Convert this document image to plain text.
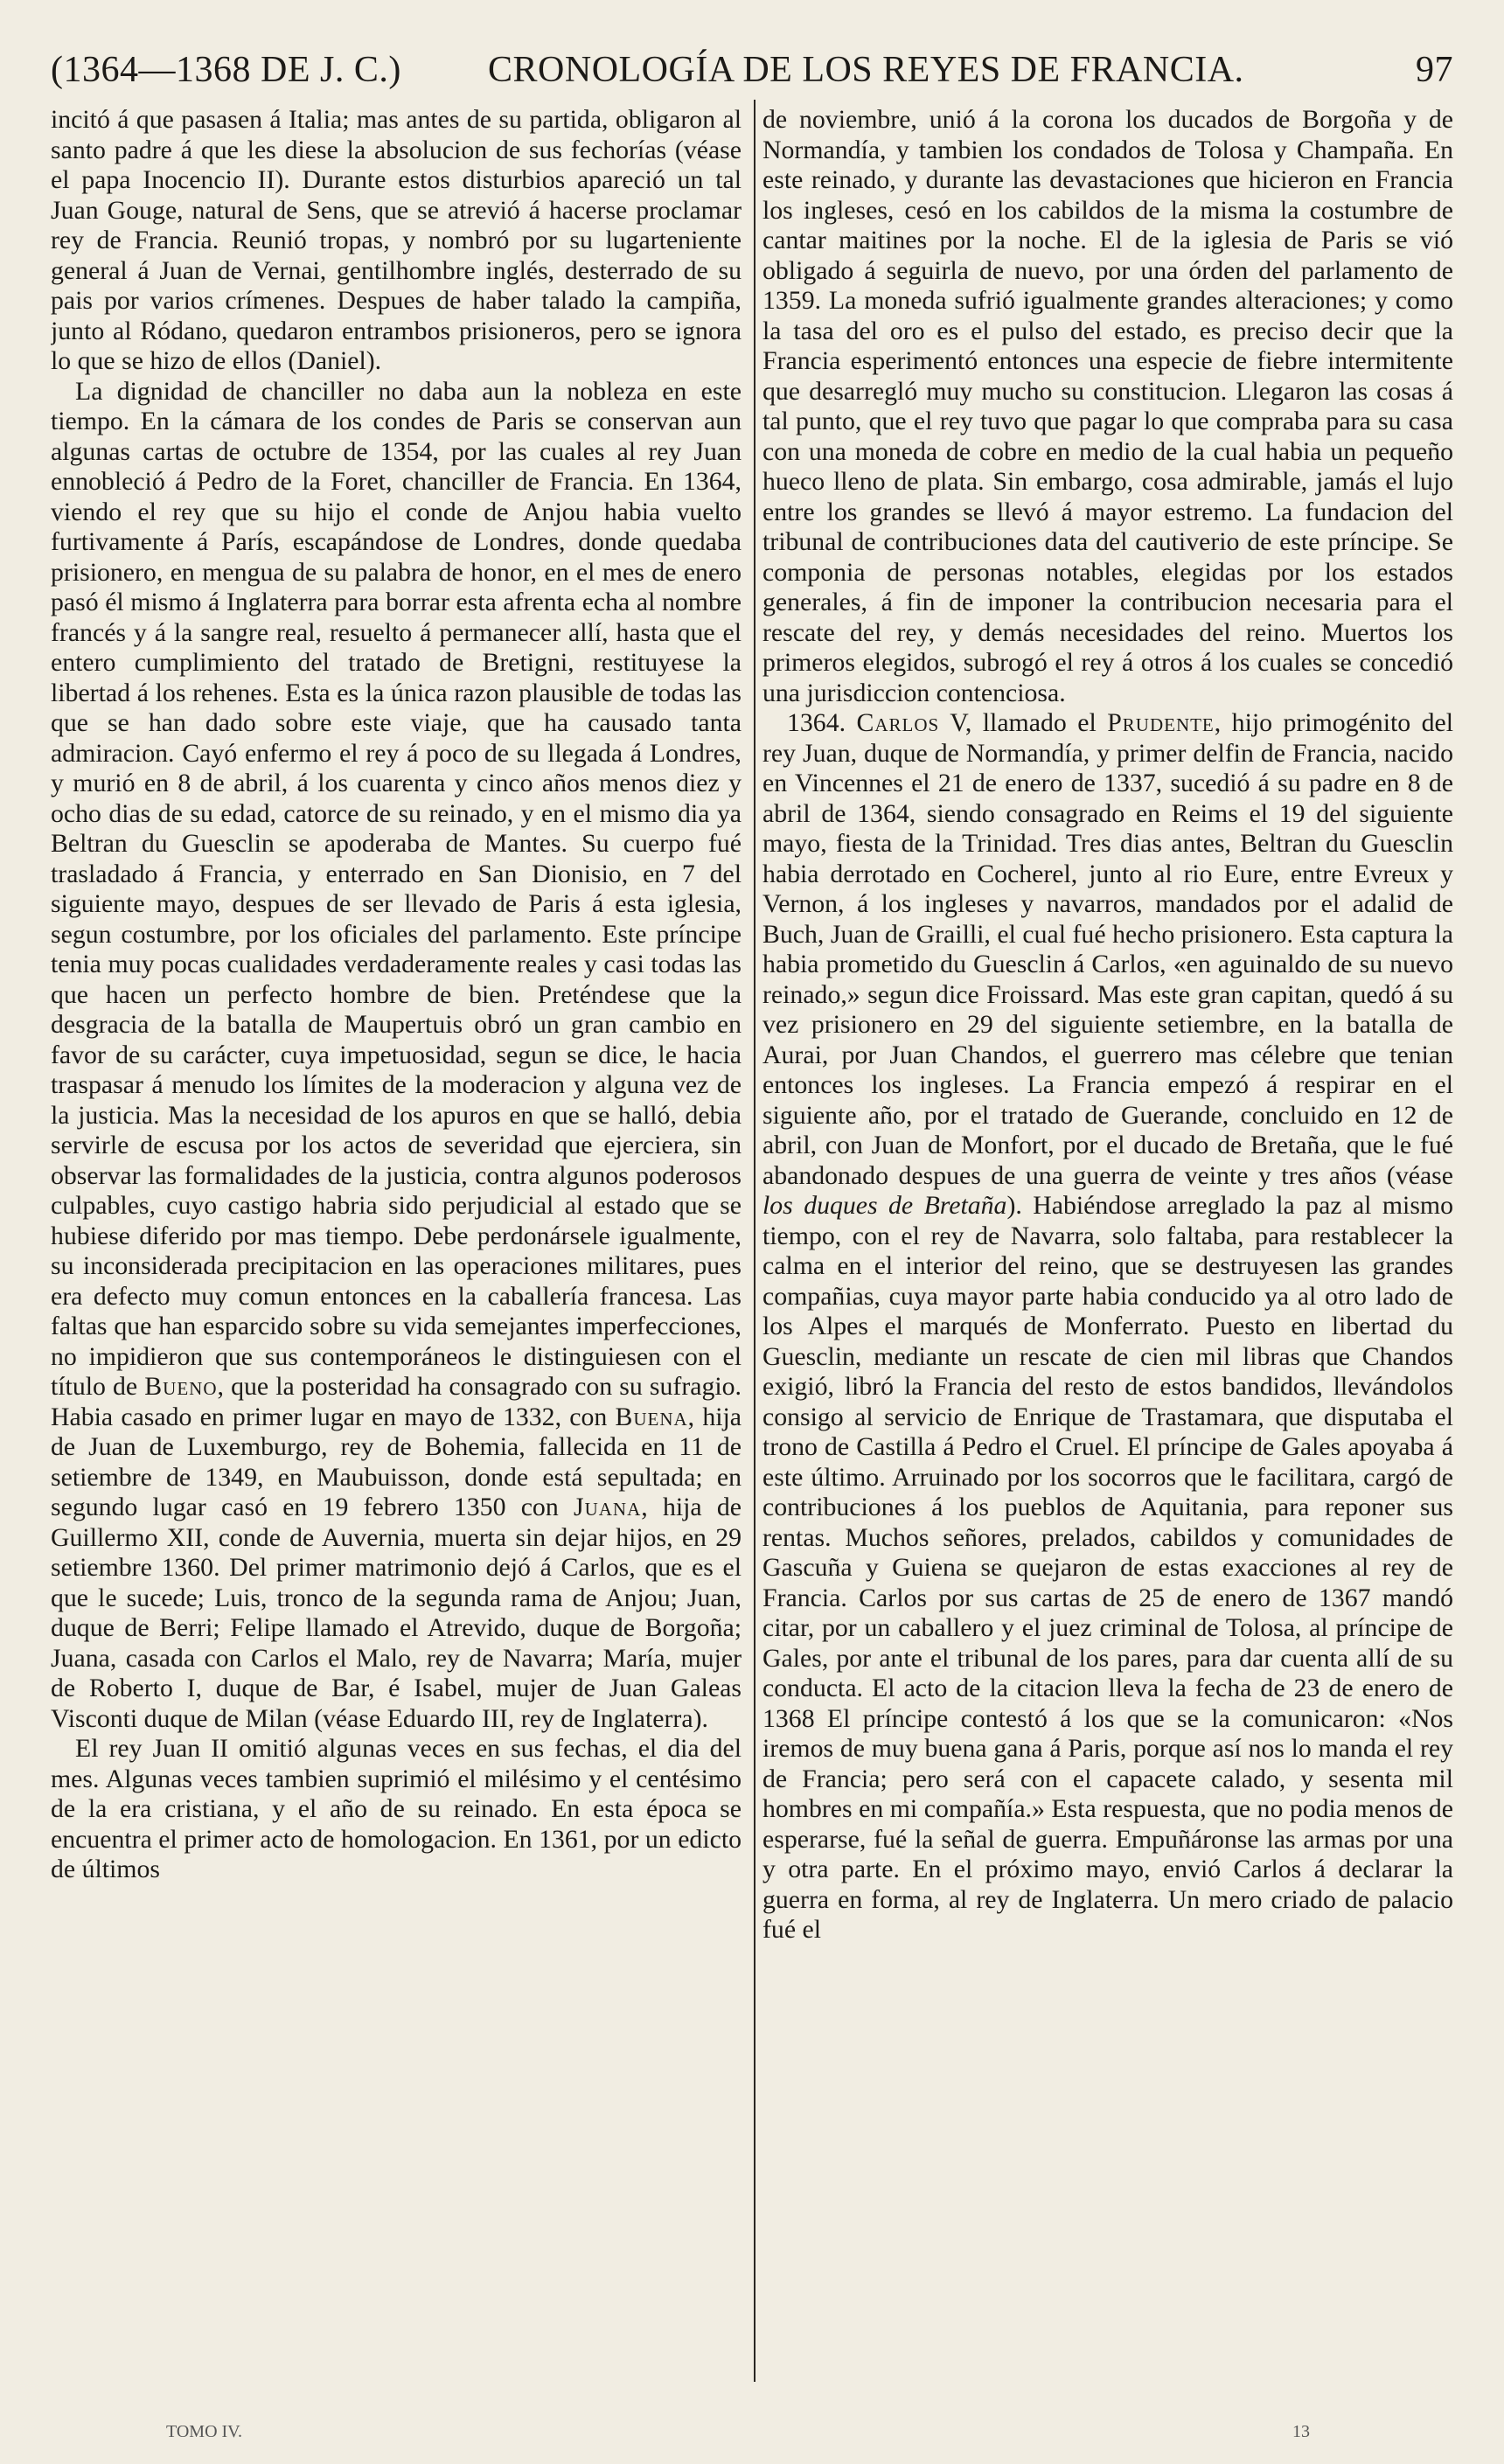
(1364—1368 DE J. C.) CRONOLOGÍA DE LOS REYES DE FRANCIA.	97

incitó á que pasasen á Italia; mas antes de su partida, obligaron al santo padre á que les diese la absolucion de sus fechorías (véase el papa Inocencio II). Durante estos disturbios apareció un tal Juan Gouge, natural de Sens, que se atrevió á hacerse proclamar rey de Francia. Reunió tropas, y nombró por su lugarteniente general á Juan de Vernai, gentilhombre inglés, desterrado de su pais por varios crímenes. Despues de haber talado la campiña, junto al Ródano, quedaron entrambos prisioneros, pero se ignora lo que se hizo de ellos (Daniel).

La dignidad de chanciller no daba aun la nobleza en este tiempo. En la cámara de los condes de Paris se conservan aun algunas cartas de octubre de 1354, por las cuales al rey Juan ennobleció á Pedro de la Foret, chanciller de Francia. En 1364, viendo el rey que su hijo el conde de Anjou habia vuelto furtivamente á París, escapándose de Londres, donde quedaba prisionero, en mengua de su palabra de honor, en el mes de enero pasó él mismo á Inglaterra para borrar esta afrenta echa al nombre francés y á la sangre real, resuelto á permanecer allí, hasta que el entero cumplimiento del tratado de Bretigni, restituyese la libertad á los rehenes. Esta es la única razon plausible de todas las que se han dado sobre este viaje, que ha causado tanta admiracion. Cayó enfermo el rey á poco de su llegada á Londres, y murió en 8 de abril, á los cuarenta y cinco años menos diez y ocho dias de su edad, catorce de su reinado, y en el mismo dia ya Beltran du Guesclin se apoderaba de Mantes. Su cuerpo fué trasladado á Francia, y enterrado en San Dionisio, en 7 del siguiente mayo, despues de ser llevado de Paris á esta iglesia, segun costumbre, por los oficiales del parlamento. Este príncipe tenia muy pocas cualidades verdaderamente reales y casi todas las que hacen un perfecto hombre de bien. Preténdese que la desgracia de la batalla de Maupertuis obró un gran cambio en favor de su carácter, cuya impetuosidad, segun se dice, le hacia traspasar á menudo los límites de la moderacion y alguna vez de la justicia. Mas la necesidad de los apuros en que se halló, debia servirle de escusa por los actos de severidad que ejerciera, sin observar las formalidades de la justicia, contra algunos poderosos culpables, cuyo castigo habria sido perjudicial al estado que se hubiese diferido por mas tiempo. Debe perdonársele igualmente, su inconsiderada precipitacion en las operaciones militares, pues era defecto muy comun entonces en la caballería francesa. Las faltas que han esparcido sobre su vida semejantes imperfecciones, no impidieron que sus contemporáneos le distinguiesen con el título de Bueno, que la posteridad ha consagrado con su sufragio. Habia casado en primer lugar en mayo de 1332, con Buena, hija de Juan de Luxemburgo, rey de Bohemia, fallecida en 11 de setiembre de 1349, en Maubuisson, donde está sepultada; en segundo lugar casó en 19 febrero 1350 con Juana, hija de Guillermo XII, conde de Auvernia, muerta sin dejar hijos, en 29 setiembre 1360. Del primer matrimonio dejó á Carlos, que es el que le sucede; Luis, tronco de la segunda rama de Anjou; Juan, duque de Berri; Felipe llamado el Atrevido, duque de Borgoña; Juana, casada con Carlos el Malo, rey de Navarra; María, mujer de Roberto I, duque de Bar, é Isabel, mujer de Juan Galeas Visconti duque de Milan (véase Eduardo III, rey de Inglaterra).

El rey Juan II omitió algunas veces en sus fechas, el dia del mes. Algunas veces tambien suprimió el milésimo y el centésimo de la era cristiana, y el año de su reinado. En esta época se encuentra el primer acto de homologacion. En 1361, por un edicto de últimos

de noviembre, unió á la corona los ducados de Borgoña y de Normandía, y tambien los condados de Tolosa y Champaña. En este reinado, y durante las devastaciones que hicieron en Francia los ingleses, cesó en los cabildos de la misma la costumbre de cantar maitines por la noche. El de la iglesia de Paris se vió obligado á seguirla de nuevo, por una órden del parlamento de 1359. La moneda sufrió igualmente grandes alteraciones; y como la tasa del oro es el pulso del estado, es preciso decir que la Francia esperimentó entonces una especie de fiebre intermitente que desarregló muy mucho su constitucion. Llegaron las cosas á tal punto, que el rey tuvo que pagar lo que compraba para su casa con una moneda de cobre en medio de la cual habia un pequeño hueco lleno de plata. Sin embargo, cosa admirable, jamás el lujo entre los grandes se llevó á mayor estremo. La fundacion del tribunal de contribuciones data del cautiverio de este príncipe. Se componia de personas notables, elegidas por los estados generales, á fin de imponer la contribucion necesaria para el rescate del rey, y demás necesidades del reino. Muertos los primeros elegidos, subrogó el rey á otros á los cuales se concedió una jurisdiccion contenciosa.

1364. Carlos V, llamado el Prudente, hijo primogénito del rey Juan, duque de Normandía, y primer delfin de Francia, nacido en Vincennes el 21 de enero de 1337, sucedió á su padre en 8 de abril de 1364, siendo consagrado en Reims el 19 del siguiente mayo, fiesta de la Trinidad. Tres dias antes, Beltran du Guesclin habia derrotado en Cocherel, junto al rio Eure, entre Evreux y Vernon, á los ingleses y navarros, mandados por el adalid de Buch, Juan de Grailli, el cual fué hecho prisionero. Esta captura la habia prometido du Guesclin á Carlos, «en aguinaldo de su nuevo reinado,» segun dice Froissard. Mas este gran capitan, quedó á su vez prisionero en 29 del siguiente setiembre, en la batalla de Aurai, por Juan Chandos, el guerrero mas célebre que tenian entonces los ingleses. La Francia empezó á respirar en el siguiente año, por el tratado de Guerande, concluido en 12 de abril, con Juan de Monfort, por el ducado de Bretaña, que le fué abandonado despues de una guerra de veinte y tres años (véase los duques de Bretaña). Habiéndose arreglado la paz al mismo tiempo, con el rey de Navarra, solo faltaba, para restablecer la calma en el interior del reino, que se destruyesen las grandes compañias, cuya mayor parte habia conducido ya al otro lado de los Alpes el marqués de Monferrato. Puesto en libertad du Guesclin, mediante un rescate de cien mil libras que Chandos exigió, libró la Francia del resto de estos bandidos, llevándolos consigo al servicio de Enrique de Trastamara, que disputaba el trono de Castilla á Pedro el Cruel. El príncipe de Gales apoyaba á este último. Arruinado por los socorros que le facilitara, cargó de contribuciones á los pueblos de Aquitania, para reponer sus rentas. Muchos señores, prelados, cabildos y comunidades de Gascuña y Guiena se quejaron de estas exacciones al rey de Francia. Carlos por sus cartas de 25 de enero de 1367 mandó citar, por un caballero y el juez criminal de Tolosa, al príncipe de Gales, por ante el tribunal de los pares, para dar cuenta allí de su conducta. El acto de la citacion lleva la fecha de 23 de enero de 1368 El príncipe contestó á los que se la comunicaron: «Nos iremos de muy buena gana á Paris, porque así nos lo manda el rey de Francia; pero será con el capacete calado, y sesenta mil hombres en mi compañía.» Esta respuesta, que no podia menos de esperarse, fué la señal de guerra. Empuñáronse las armas por una y otra parte. En el próximo mayo, envió Carlos á declarar la guerra en forma, al rey de Inglaterra. Un mero criado de palacio fué el

TOMO IV.	13
